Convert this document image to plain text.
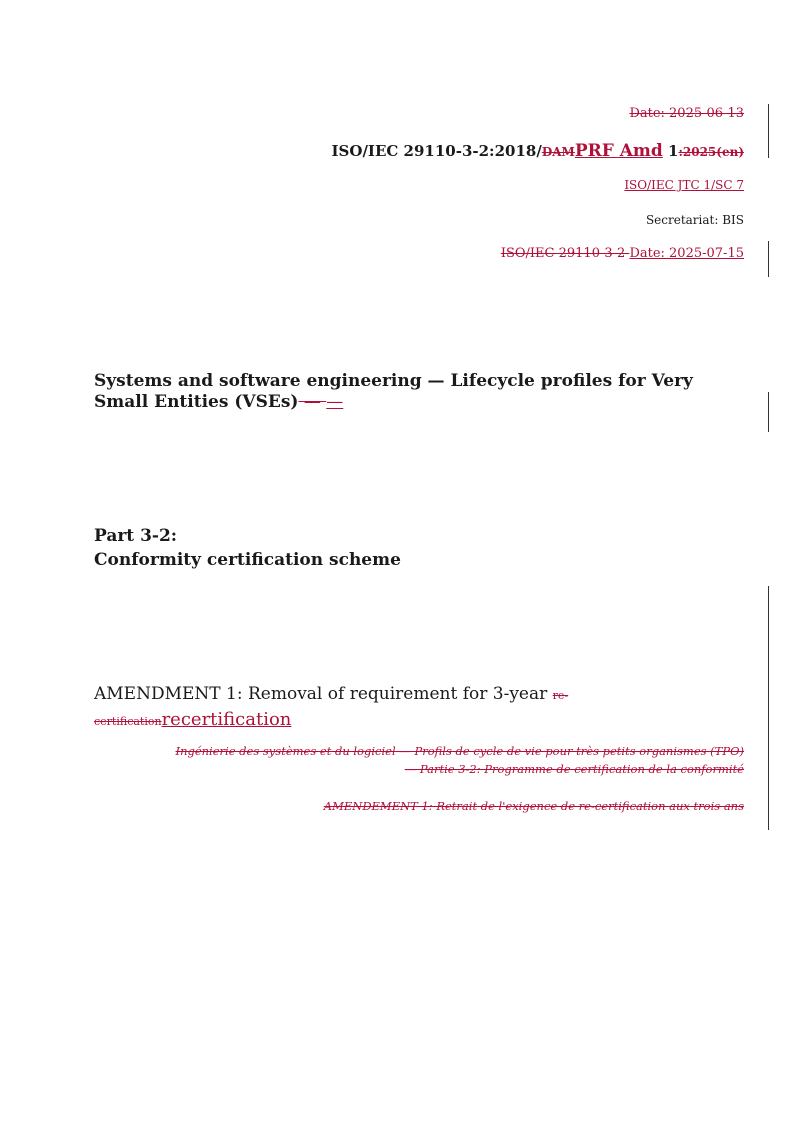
Date: 2025-06-13
ISO/IEC 29110-3-2:2018/DAMPRF Amd 1:2025(en)
ISO/IEC JTC 1/SC 7
Secretariat: BIS
ISO/IEC 29110-3-2 Date: 2025-07-15
Systems and software engineering — Lifecycle profiles for Very Small Entities (VSEs) — —
Part 3-2:
Conformity certification scheme
AMENDMENT 1: Removal of requirement for 3-year re-
certificationrecertification
Ingénierie des systèmes et du logiciel — Profils de cycle de vie pour très petits organismes (TPO)
— Partie 3-2: Programme de certification de la conformité
AMENDEMENT 1: Retrait de l'exigence de re-certification aux trois ans
